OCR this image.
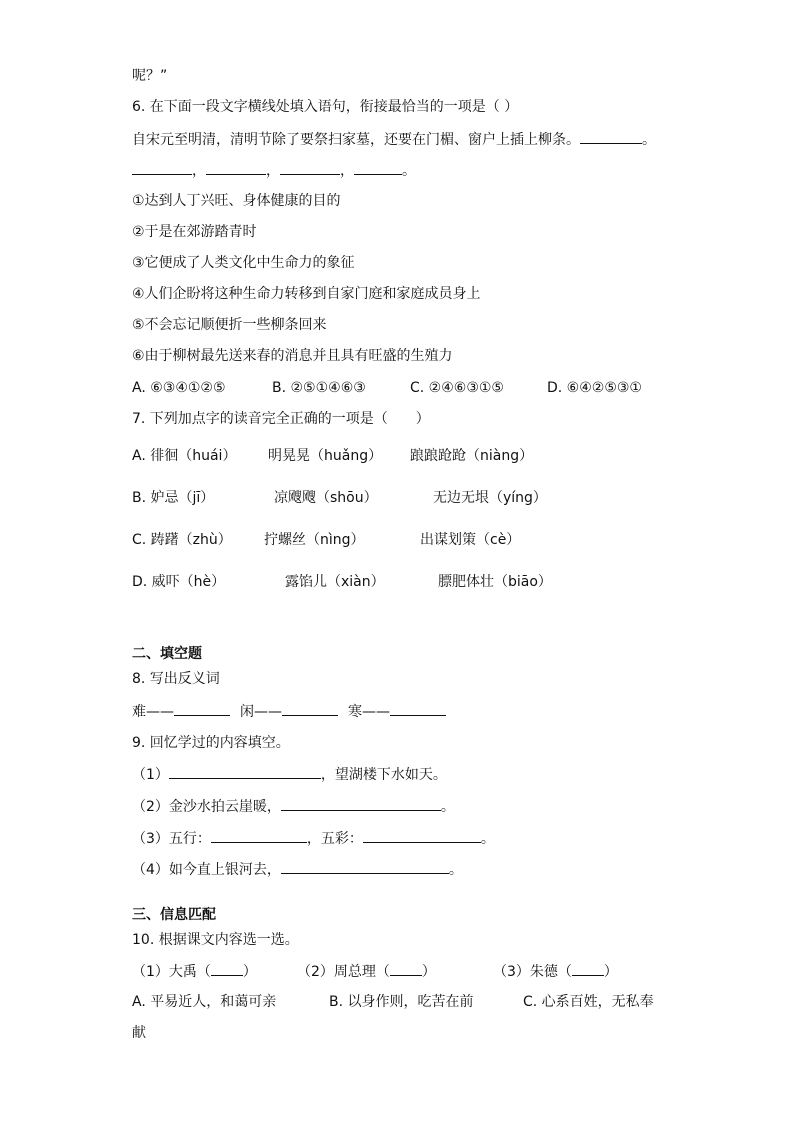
呢？”
6. 在下面一段文字横线处填入语句，衔接最恰当的一项是（ ）
自宋元至明清，清明节除了要祭扫家墓，还要在门楣、窗户上插上柳条。	。
，	，	，	。
①达到人丁兴旺、身体健康的目的
②于是在郊游踏青时
③它便成了人类文化中生命力的象征
④人们企盼将这种生命力转移到自家门庭和家庭成员身上
⑤不会忘记顺便折一些柳条回来
⑥由于柳树最先送来春的消息并且具有旺盛的生殖力
A. ⑥③④①②⑤	B. ②⑤①④⑥③	C. ②④⑥③①⑤	D. ⑥④②⑤③①
7. 下列加点字的读音完全正确的一项是（　　）
A. 徘徊（huái） 明晃晃（huǎng） 踉踉跄跄（niàng）
B. 妒忌（jī）	凉飕飕（shōu）	无边无垠（yíng）
C. 踌躇（zhù） 拧螺丝（nìng）	出谋划策（cè）
D. 威吓（hè）	露馅儿（xiàn）	膘肥体壮（biāo）
二、填空题
8. 写出反义词
难——	闲——	寒——
9. 回忆学过的内容填空。
（1）	，望湖楼下水如天。
（2）金沙水拍云崖暖，	。
（3）五行：	，五彩：	。
（4）如今直上银河去，	。
三、信息匹配
10. 根据课文内容选一选。
（1）大禹（ ）	（2）周总理（ ）	（3）朱德（ ）
A. 平易近人，和蔼可亲	B. 以身作则，吃苦在前	C. 心系百姓，无私奉
献
